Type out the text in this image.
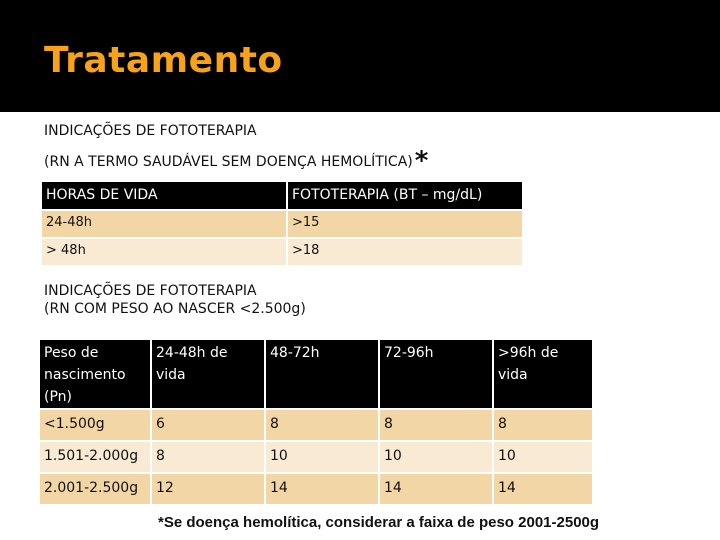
Tratamento
INDICAÇÕES DE FOTOTERAPIA
(RN A TERMO SAUDÁVEL SEM DOENÇA HEMOLÍTICA)*
HORAS DE VIDA	FOTOTERAPIA (BT – mg/dL)
24-48h	>15
> 48h	>18
INDICAÇÕES DE FOTOTERAPIA
(RN COM PESO AO NASCER <2.500g)
Peso de nascimento (Pn)	24-48h de vida	48-72h	72-96h	>96h de vida
<1.500g	6	8	8	8
1.501-2.000g	8	10	10	10
2.001-2.500g	12	14	14	14
*Se doença hemolítica, considerar a faixa de peso 2001-2500g
